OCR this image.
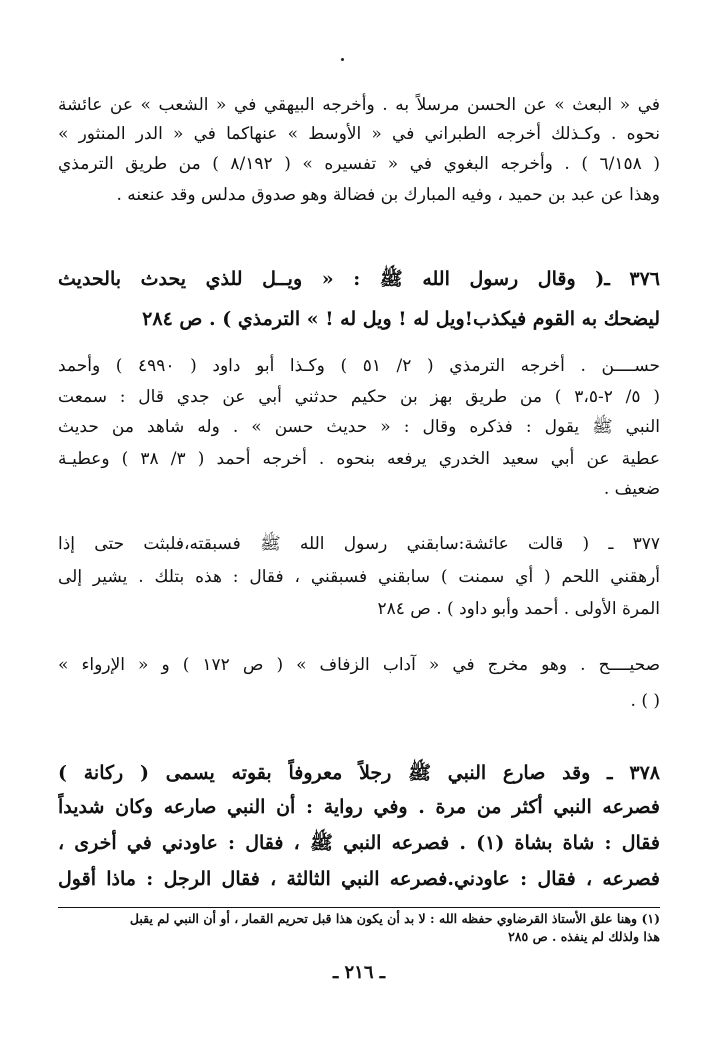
في « البعث » عن الحسن مرسلاً به . وأخرجه البيهقي في « الشعب » عن عائشة
نحوه . وكـذلك أخرجه الطبراني في « الأوسط » عنهاكما في « الدر المنثور »
( ٦/١٥٨ ) . وأخرجه البغوي في « تفسيره » ( ٨/١٩٢ ) من طريق الترمذي
وهذا عن عبد بن حميد ، وفيه المبارك بن فضالة وهو صدوق مدلس وقد عنعنه .
٣٧٦ ـ( وقال رسول الله ﷺ : « ويــل للذي يحدث بالحديث
ليضحك به القوم فيكذب!ويل له ! ويل له ! » الترمذي ) . ص ٢٨٤
حســــن . أخرجه الترمذي ( ٢/ ٥١ ) وكـذا أبو داود ( ٤٩٩٠ ) وأحمد
( ٥/ ٢-٣،٥ ) من طريق بهز بن حكيم حدثني أبي عن جدي قال : سمعت
النبي ﷺ يقول : فذكره وقال : « حديث حسن » . وله شاهد من حديث
عطية عن أبي سعيد الخدري يرفعه بنحوه . أخرجه أحمد ( ٣/ ٣٨ ) وعطيـة
ضعيف .
٣٧٧ ـ ( قالت عائشة:سابقني رسول الله ﷺ فسبقته،فلبثت حتى إذا
أرهقني اللحم ( أي سمنت ) سابقني فسبقني ، فقال : هذه بتلك . يشير إلى
المرة الأولى . أحمد وأبو داود ) . ص ٢٨٤
صحيــــح . وهو مخرج في « آداب الزفاف » ( ص ١٧٢ ) و « الإرواء »
( ) .
٣٧٨ ـ وقد صارع النبي ﷺ رجلاً معروفاً بقوته يسمى ( ركانة )
فصرعه النبي أكثر من مرة . وفي رواية : أن النبي صارعه وكان شديداً
فقال : شاة بشاة (١) . فصرعه النبي ﷺ ، فقال : عاودني في أخرى ،
فصرعه ، فقال : عاودني.فصرعه النبي الثالثة ، فقال الرجل : ماذا أقول
(١) وهنا علق الأستاذ القرضاوي حفظه الله : لا بد أن يكون هذا قبل تحريم القمار ، أو أن النبي لم يقبل
هذا ولذلك لم ينفذه . ص ٢٨٥
ـ ٢١٦ ـ
